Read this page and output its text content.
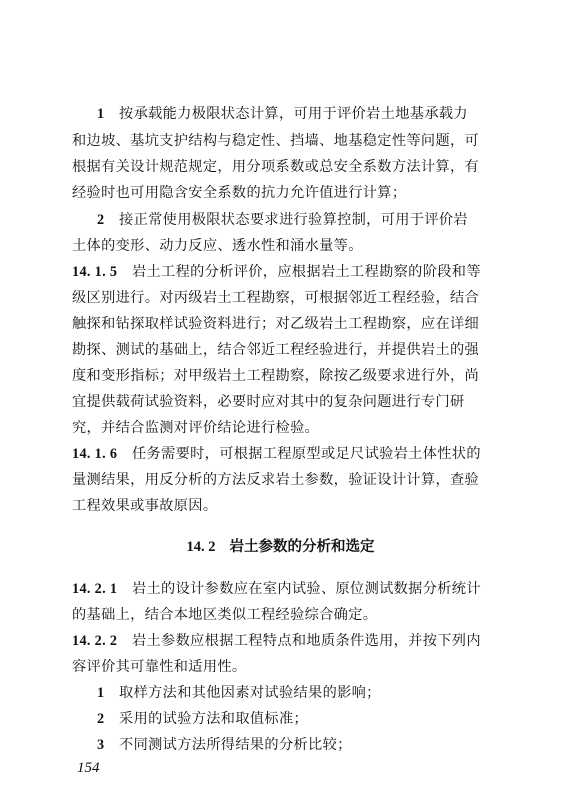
1 按承载能力极限状态计算，可用于评价岩土地基承载力
和边坡、基坑支护结构与稳定性、挡墙、地基稳定性等问题，可
根据有关设计规范规定，用分项系数或总安全系数方法计算，有
经验时也可用隐含安全系数的抗力允许值进行计算；
2 接正常使用极限状态要求进行验算控制，可用于评价岩
土体的变形、动力反应、透水性和涌水量等。
14. 1. 5 岩土工程的分析评价，应根据岩土工程勘察的阶段和等
级区别进行。对丙级岩土工程勘察，可根据邻近工程经验，结合
触探和钻探取样试验资料进行；对乙级岩土工程勘察，应在详细
勘探、测试的基础上，结合邻近工程经验进行，并提供岩土的强
度和变形指标；对甲级岩土工程勘察，除按乙级要求进行外，尚
宜提供载荷试验资料，必要时应对其中的复杂问题进行专门研
究，并结合监测对评价结论进行检验。
14. 1. 6 任务需要时，可根据工程原型或足尺试验岩土体性状的
量测结果，用反分析的方法反求岩土参数，验证设计计算，查验
工程效果或事故原因。
14. 2 岩土参数的分析和选定
14. 2. 1 岩土的设计参数应在室内试验、原位测试数据分析统计
的基础上，结合本地区类似工程经验综合确定。
14. 2. 2 岩土参数应根据工程特点和地质条件选用，并按下列内
容评价其可靠性和适用性。
1 取样方法和其他因素对试验结果的影响；
154
2 采用的试验方法和取值标准；
3 不同测试方法所得结果的分析比较；
